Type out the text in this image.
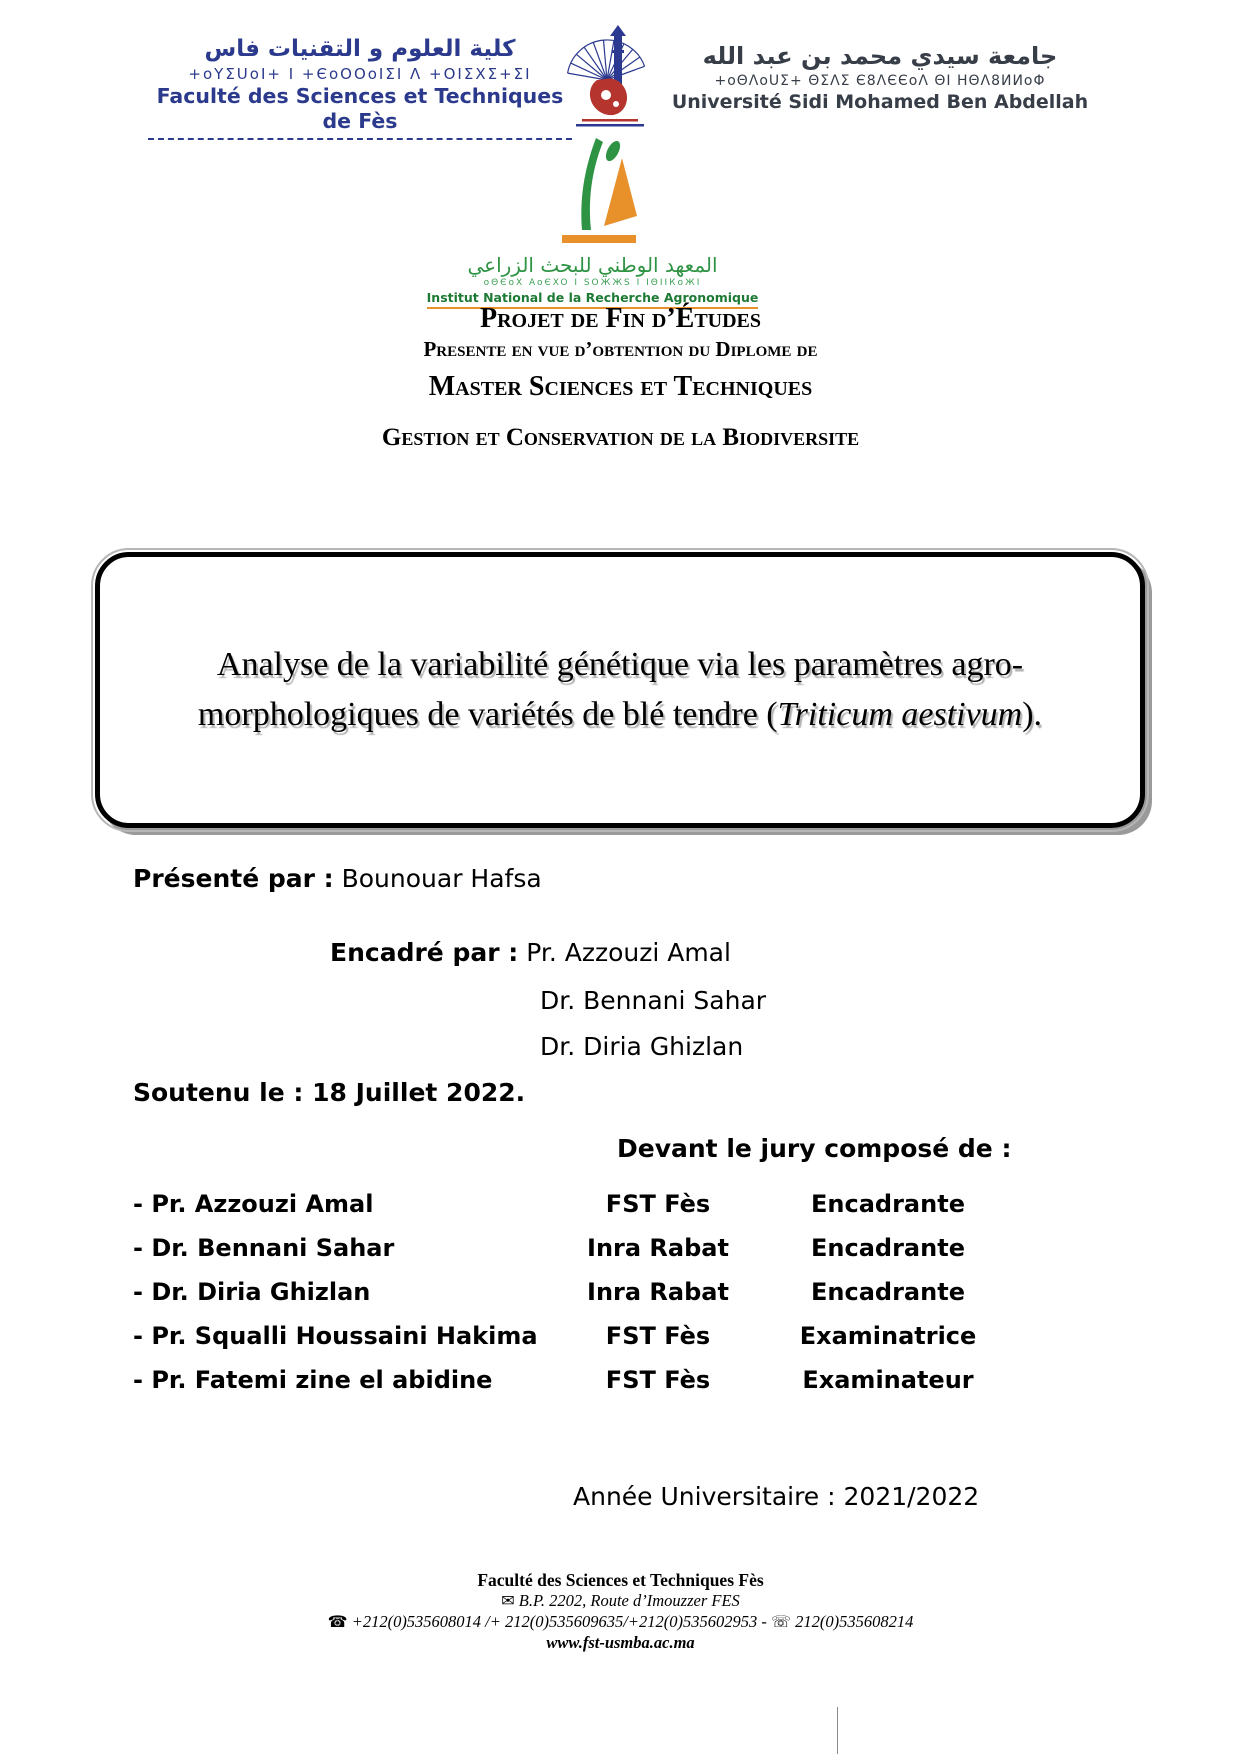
كلية العلوم و التقنيات فاس
+oYΣUoI+ I +ЄoOOoIΣI Λ +OIΣXΣ+ΣI
Faculté des Sciences et Techniques de Fès
جامعة سيدي محمد بن عبد الله
+oΘΛoUΣ+ ΘΣΛΣ Є8ΛЄЄoΛ ΘI ΗΘΛ8ИИoΦ
Université Sidi Mohamed Ben Abdellah
المعهد الوطني للبحث الزراعي
oΘЄoX AoЄXO I SOЖЖS I IΘIIКoЖI
Institut National de la Recherche Agronomique
Projet de Fin d’Études
Presente en vue d’obtention du Diplome de
Master Sciences et Techniques
Gestion et Conservation de la Biodiversite
Analyse de la variabilité génétique via les paramètres agro-morphologiques de variétés de blé tendre (Triticum aestivum).
Présenté par : Bounouar Hafsa
Encadré par : Pr. Azzouzi Amal
Dr. Bennani Sahar
Dr. Diria Ghizlan
Soutenu le : 18 Juillet 2022.
Devant le jury composé de :
- Pr. Azzouzi Amal	FST Fès	Encadrante
- Dr. Bennani Sahar	Inra Rabat	Encadrante
- Dr. Diria Ghizlan	Inra Rabat	Encadrante
- Pr. Squalli Houssaini Hakima	FST Fès	Examinatrice
- Pr. Fatemi zine el abidine	FST Fès	Examinateur
Année Universitaire : 2021/2022
Faculté des Sciences et Techniques Fès
✉ B.P. 2202, Route d’Imouzzer FES
☎ +212(0)535608014 /+ 212(0)535609635/+212(0)535602953 - ☏ 212(0)535608214
www.fst-usmba.ac.ma
